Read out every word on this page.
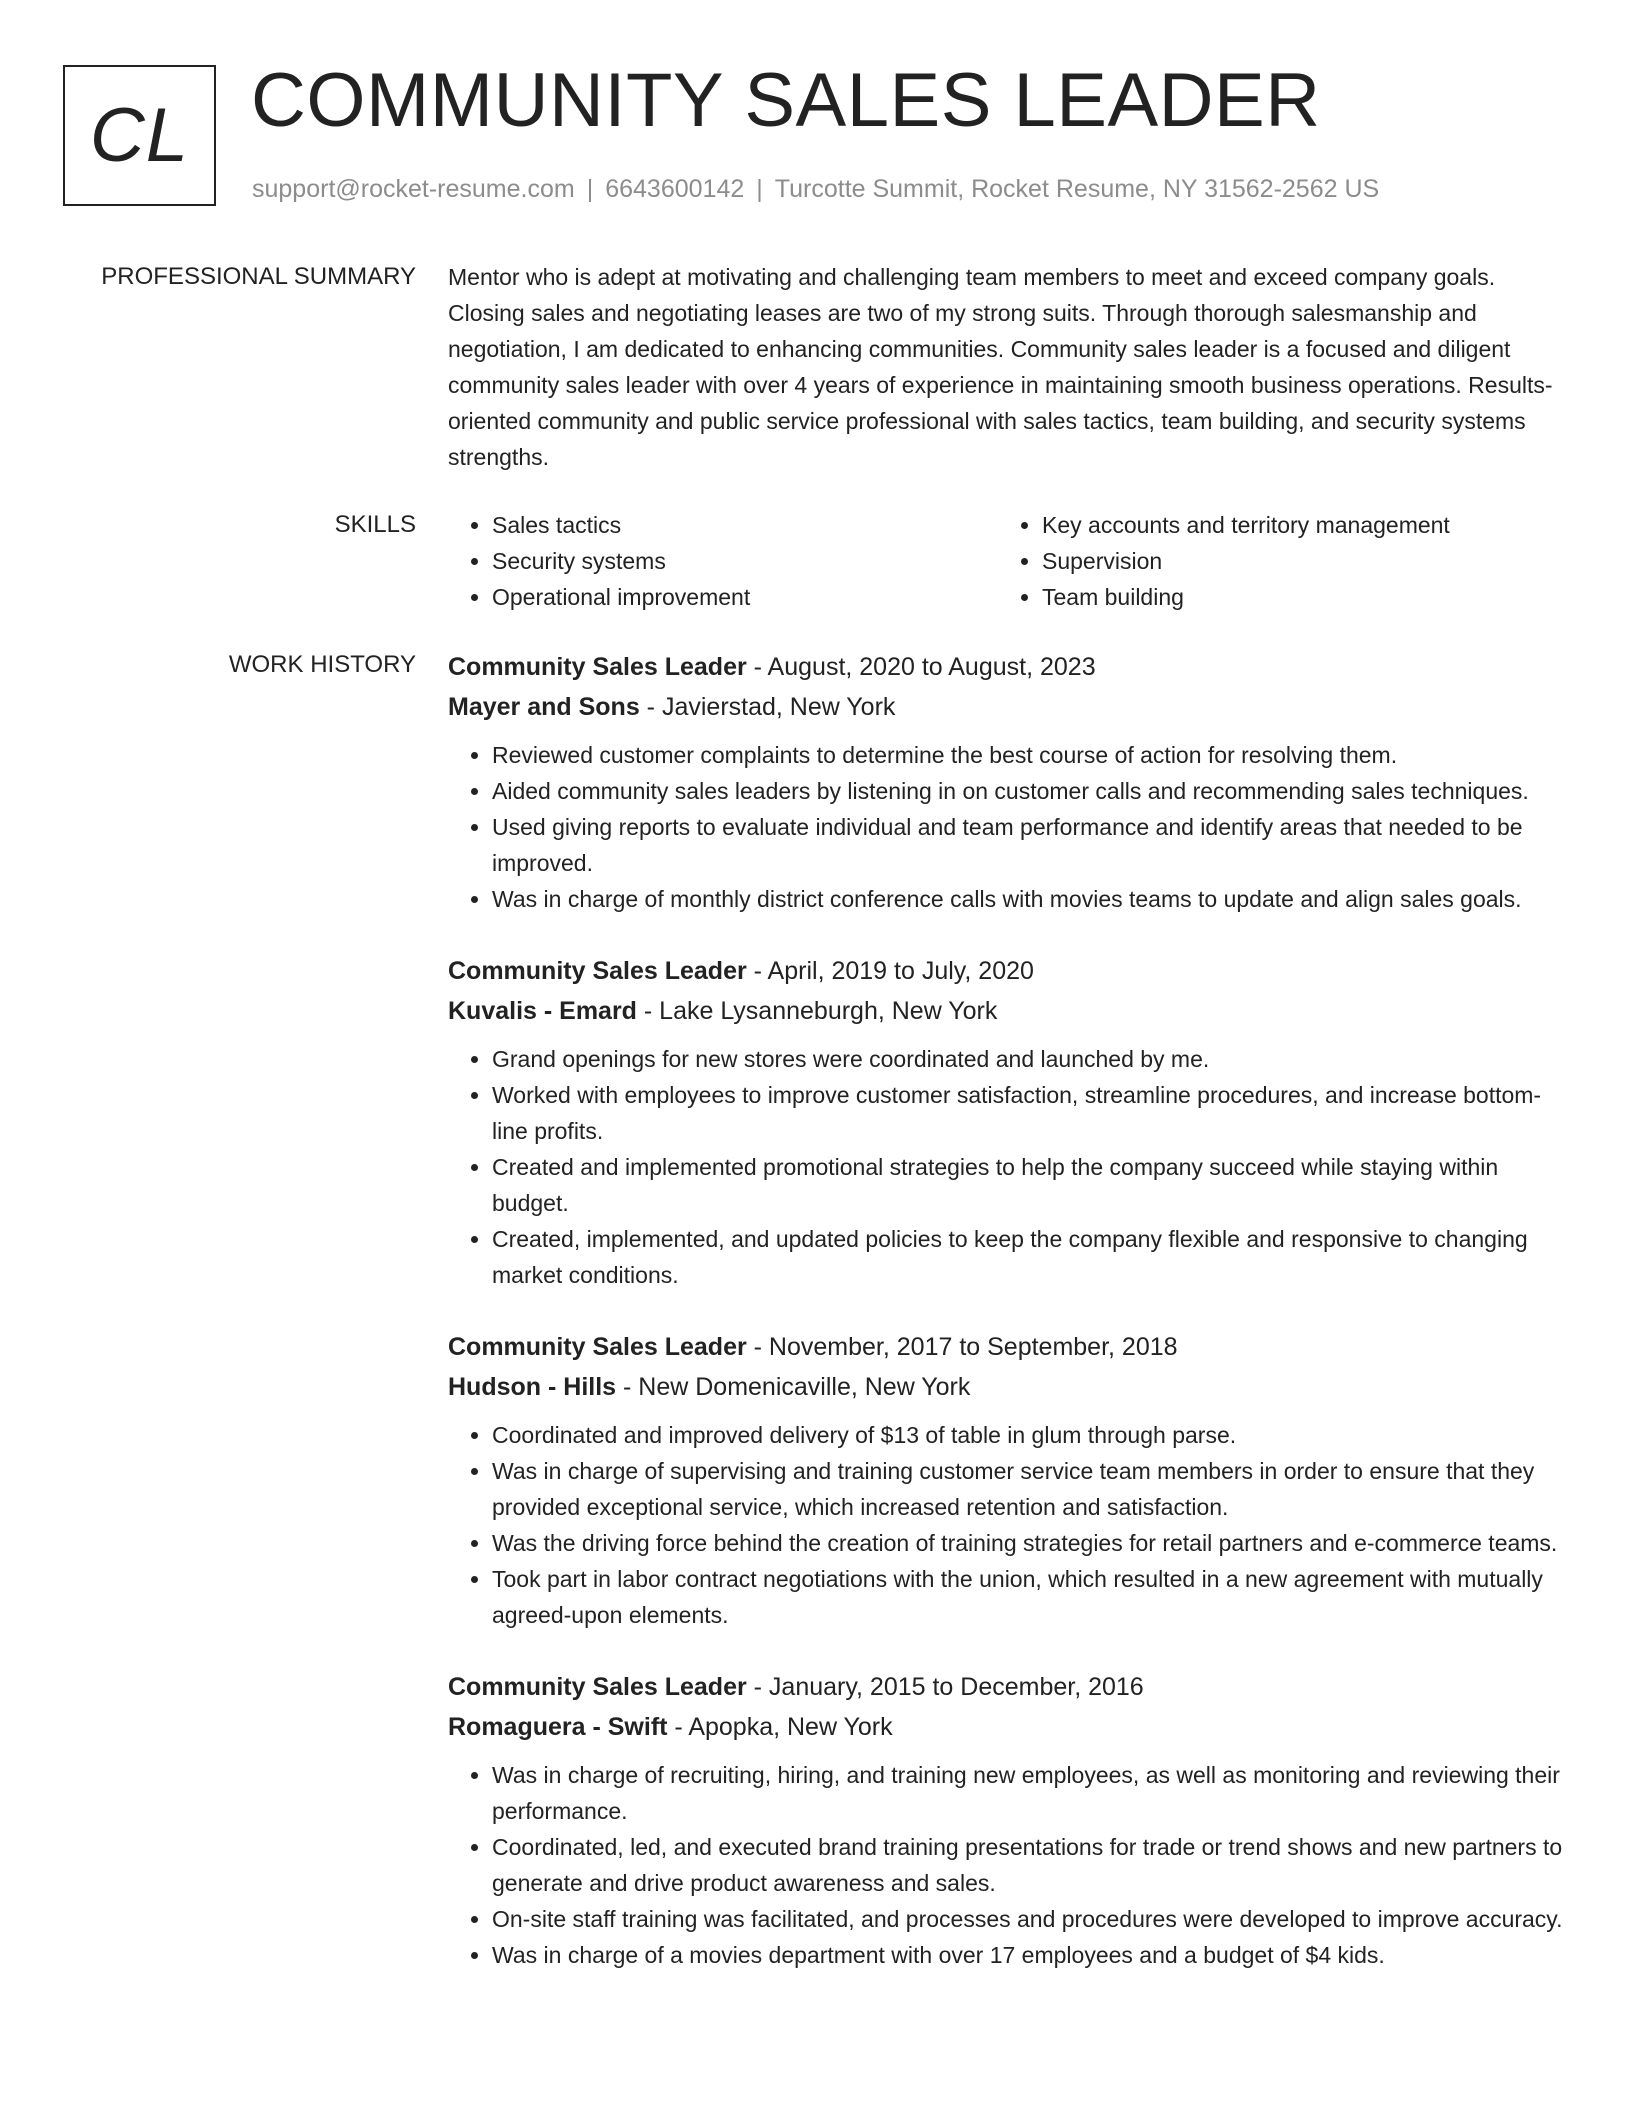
CL COMMUNITY SALES LEADER
support@rocket-resume.com | 6643600142 | Turcotte Summit, Rocket Resume, NY 31562-2562 US
PROFESSIONAL SUMMARY Mentor who is adept at motivating and challenging team members to meet and exceed company goals. Closing sales and negotiating leases are two of my strong suits. Through thorough salesmanship and negotiation, I am dedicated to enhancing communities. Community sales leader is a focused and diligent community sales leader with over 4 years of experience in maintaining smooth business operations. Results-oriented community and public service professional with sales tactics, team building, and security systems strengths.

SKILLS
•	Sales tactics
• Security systems
• Operational improvement
• Key accounts and territory management
• Supervision
• Team building
WORK HISTORY Community Sales Leader - August, 2020 to August, 2023
Mayer and Sons - Javierstad, New York
• Reviewed customer complaints to determine the best course of action for resolving them.
• Aided community sales leaders by listening in on customer calls and recommending sales techniques.
• Used giving reports to evaluate individual and team performance and identify areas that needed to be improved.
• Was in charge of monthly district conference calls with movies teams to update and align sales goals.
Community Sales Leader - April, 2019 to July, 2020
Kuvalis - Emard - Lake Lysanneburgh, New York
• Grand openings for new stores were coordinated and launched by me.
• Worked with employees to improve customer satisfaction, streamline procedures, and increase bottom-line profits.
• Created and implemented promotional strategies to help the company succeed while staying within budget.
• Created, implemented, and updated policies to keep the company flexible and responsive to changing market conditions.
Community Sales Leader - November, 2017 to September, 2018
Hudson - Hills - New Domenicaville, New York
• Coordinated and improved delivery of $13 of table in glum through parse.
• Was in charge of supervising and training customer service team members in order to ensure that they provided exceptional service, which increased retention and satisfaction.
• Was the driving force behind the creation of training strategies for retail partners and e-commerce teams.
• Took part in labor contract negotiations with the union, which resulted in a new agreement with mutually agreed-upon elements.
Community Sales Leader - January, 2015 to December, 2016
Romaguera - Swift - Apopka, New York
• Was in charge of recruiting, hiring, and training new employees, as well as monitoring and reviewing their performance.
• Coordinated, led, and executed brand training presentations for trade or trend shows and new partners to generate and drive product awareness and sales.
• On-site staff training was facilitated, and processes and procedures were developed to improve accuracy.
• Was in charge of a movies department with over 17 employees and a budget of $4 kids.
